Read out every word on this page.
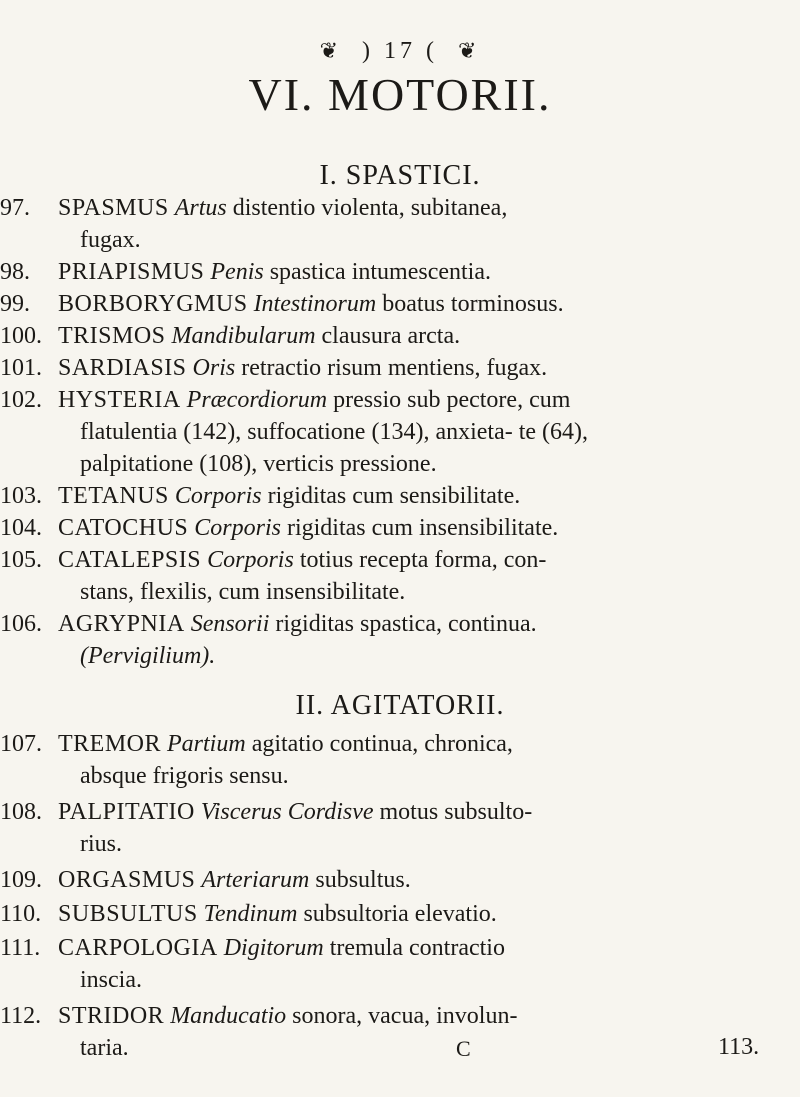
❦ ) 17 ( ❦
VI. MOTORII.
I. SPASTICI.
97.	SPASMUS Artus distentio violenta, subitanea,
fugax.
98.	PRIAPISMUS Penis spastica intumescentia.
99.	BORBORYGMUS Intestinorum boatus torminosus.
100. TRISMOS Mandibularum clausura arcta.
101. SARDIASIS Oris retractio risum mentiens, fugax.
102. HYSTERIA Præcordiorum pressio sub pectore, cum
flatulentia (142), suffocatione (134), anxieta- te (64), palpitatione (108), verticis pressione.
103. TETANUS Corporis rigiditas cum sensibilitate.
104. CATOCHUS Corporis rigiditas cum insensibilitate.
105. CATALEPSIS Corporis totius recepta forma, con-
stans, flexilis, cum insensibilitate.
106. AGRYPNIA Sensorii rigiditas spastica, continua.
(Pervigilium).
II. AGITATORII.
107. TREMOR Partium agitatio continua, chronica,
absque frigoris sensu.
108. PALPITATIO Viscerus Cordisve motus subsulto-
rius.
109. ORGASMUS Arteriarum subsultus.
110. SUBSULTUS Tendinum subsultoria elevatio.
111. CARPOLOGIA Digitorum tremula contractio
inscia.
112. STRIDOR Manducatio sonora, vacua, involun-
taria.	C	113.
